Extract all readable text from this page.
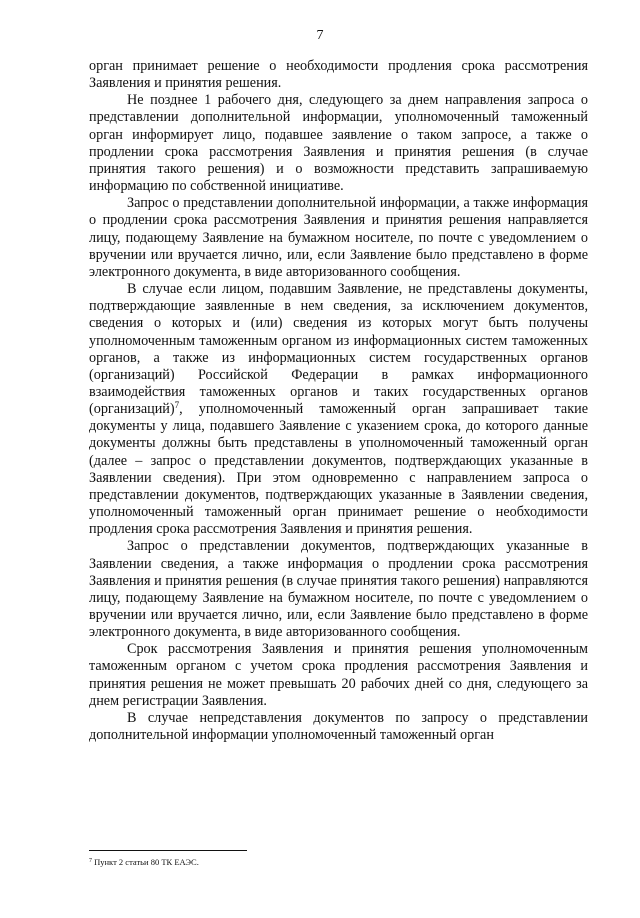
7

орган принимает решение о необходимости продления срока рассмотрения Заявления и принятия решения.

Не позднее 1 рабочего дня, следующего за днем направления запроса о представлении дополнительной информации, уполномоченный таможенный орган информирует лицо, подавшее заявление о таком запросе, а также о продлении срока рассмотрения Заявления и принятия решения (в случае принятия такого решения) и о возможности представить запрашиваемую информацию по собственной инициативе.

Запрос о представлении дополнительной информации, а также информация о продлении срока рассмотрения Заявления и принятия решения направляется лицу, подающему Заявление на бумажном носителе, по почте с уведомлением о вручении или вручается лично, или, если Заявление было представлено в форме электронного документа, в виде авторизованного сообщения.

В случае если лицом, подавшим Заявление, не представлены документы, подтверждающие заявленные в нем сведения, за исключением документов, сведения о которых и (или) сведения из которых могут быть получены уполномоченным таможенным органом из информационных систем таможенных органов, а также из информационных систем государственных органов (организаций) Российской Федерации в рамках информационного взаимодействия таможенных органов и таких государственных органов (организаций)$^7$, уполномоченный таможенный орган запрашивает такие документы у лица, подавшего Заявление с указением срока, до которого данные документы должны быть представлены в уполномоченный таможенный орган (далее – запрос о представлении документов, подтверждающих указанные в Заявлении сведения). При этом одновременно с направлением запроса о представлении документов, подтверждающих указанные в Заявлении сведения, уполномоченный таможенный орган принимает решение о необходимости продления срока рассмотрения Заявления и принятия решения.

Запрос о представлении документов, подтверждающих указанные в Заявлении сведения, а также информация о продлении срока рассмотрения Заявления и принятия решения (в случае принятия такого решения) направляются лицу, подающему Заявление на бумажном носителе, по почте с уведомлением о вручении или вручается лично, или, если Заявление было представлено в форме электронного документа, в виде авторизованного сообщения.

Срок рассмотрения Заявления и принятия решения уполномоченным таможенным органом с учетом срока продления рассмотрения Заявления и принятия решения не может превышать 20 рабочих дней со дня, следующего за днем регистрации Заявления.

В случае непредставления документов по запросу о представлении дополнительной информации уполномоченный таможенный орган

$^7$ Пункт 2 статьи 80 ТК ЕАЭС.
